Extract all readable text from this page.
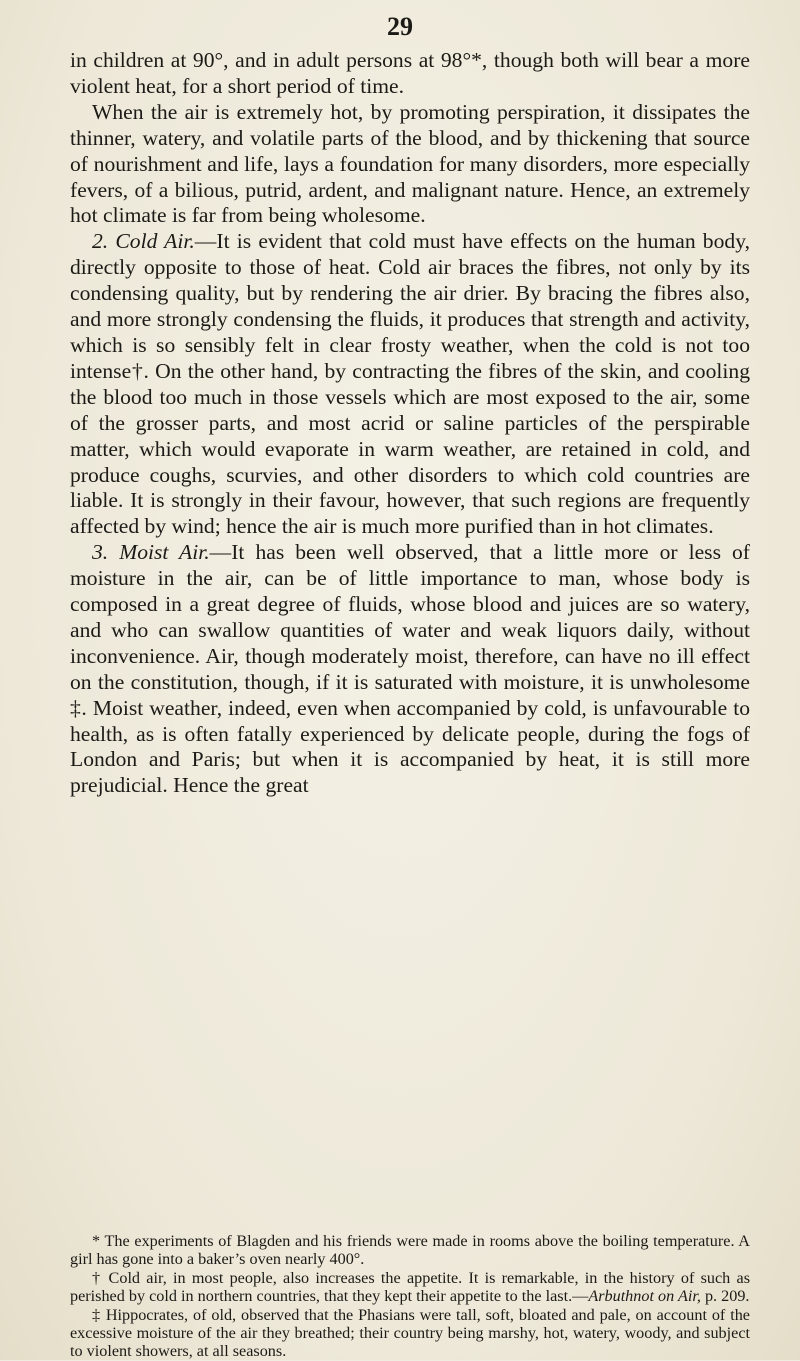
29

in children at 90°, and in adult persons at 98°*, though both will bear a more violent heat, for a short period of time.

When the air is extremely hot, by promoting perspiration, it dissipates the thinner, watery, and volatile parts of the blood, and by thickening that source of nourishment and life, lays a foundation for many disorders, more especially fevers, of a bilious, putrid, ardent, and malignant nature. Hence, an extremely hot climate is far from being wholesome.

2. Cold Air.—It is evident that cold must have effects on the human body, directly opposite to those of heat. Cold air braces the fibres, not only by its condensing quality, but by rendering the air drier. By bracing the fibres also, and more strongly condensing the fluids, it produces that strength and activity, which is so sensibly felt in clear frosty weather, when the cold is not too intense†. On the other hand, by contracting the fibres of the skin, and cooling the blood too much in those vessels which are most exposed to the air, some of the grosser parts, and most acrid or saline particles of the perspirable matter, which would evaporate in warm weather, are retained in cold, and produce coughs, scurvies, and other disorders to which cold countries are liable. It is strongly in their favour, however, that such regions are frequently affected by wind; hence the air is much more purified than in hot climates.

3. Moist Air.—It has been well observed, that a little more or less of moisture in the air, can be of little importance to man, whose body is composed in a great degree of fluids, whose blood and juices are so watery, and who can swallow quantities of water and weak liquors daily, without inconvenience. Air, though moderately moist, therefore, can have no ill effect on the constitution, though, if it is saturated with moisture, it is unwholesome ‡. Moist weather, indeed, even when accompanied by cold, is unfavourable to health, as is often fatally experienced by delicate people, during the fogs of London and Paris; but when it is accompanied by heat, it is still more prejudicial. Hence the great

* The experiments of Blagden and his friends were made in rooms above the boiling temperature. A girl has gone into a baker’s oven nearly 400°.

† Cold air, in most people, also increases the appetite. It is remarkable, in the history of such as perished by cold in northern countries, that they kept their appetite to the last.—Arbuthnot on Air, p. 209.

‡ Hippocrates, of old, observed that the Phasians were tall, soft, bloated and pale, on account of the excessive moisture of the air they breathed; their country being marshy, hot, watery, woody, and subject to violent showers, at all seasons.
